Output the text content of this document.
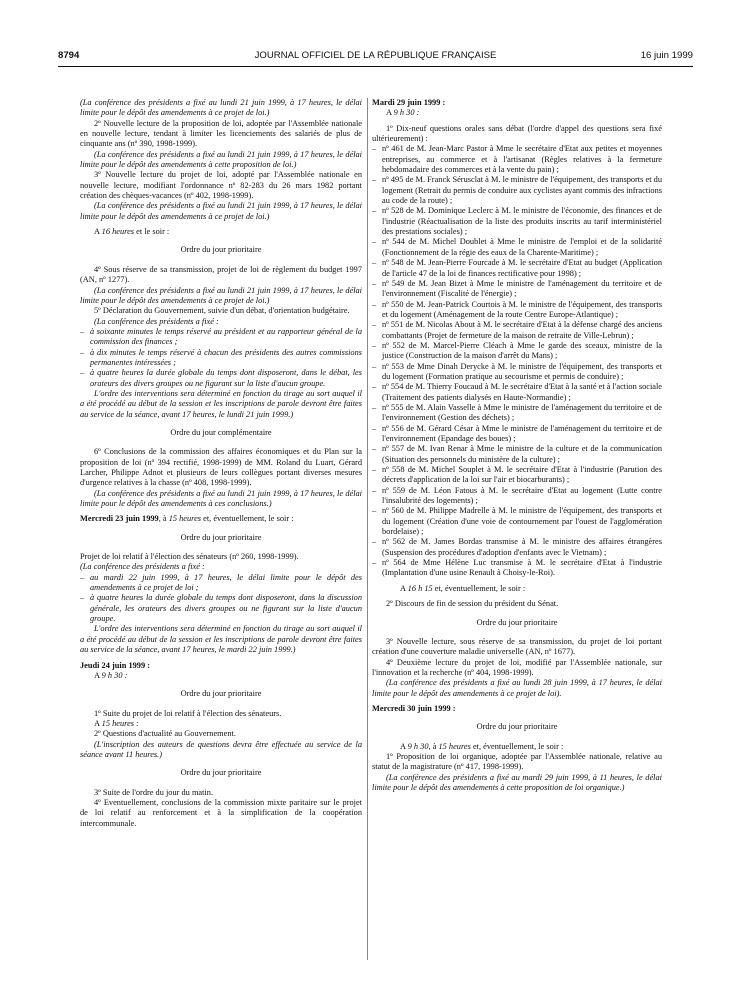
8794	JOURNAL OFFICIEL DE LA RÉPUBLIQUE FRANÇAISE	16 juin 1999

(La conférence des présidents a fixé au lundi 21 juin 1999, à 17 heures, le délai limite pour le dépôt des amendements à ce projet de loi.)

2º Nouvelle lecture de la proposition de loi, adoptée par l'Assemblée nationale en nouvelle lecture, tendant à limiter les licenciements des salariés de plus de cinquante ans (nº 390, 1998-1999).

(La conférence des présidents a fixé au lundi 21 juin 1999, à 17 heures, le délai limite pour le dépôt des amendements à cette proposition de loi.)

3º Nouvelle lecture du projet de loi, adopté par l'Assemblée nationale en nouvelle lecture, modifiant l'ordonnance nº 82-283 du 26 mars 1982 portant création des chèques-vacances (nº 402, 1998-1999).

(La conférence des présidents a fixé au lundi 21 juin 1999, à 17 heures, le délai limite pour le dépôt des amendements à ce projet de loi.)

A 16 heures et le soir :

Ordre du jour prioritaire

4º Sous réserve de sa transmission, projet de loi de règlement du budget 1997 (AN, nº 1277).

(La conférence des présidents a fixé au lundi 21 juin 1999, à 17 heures, le délai limite pour le dépôt des amendements à ce projet de loi.)

5º Déclaration du Gouvernement, suivie d'un débat, d'orientation budgétaire.

(La conférence des présidents a fixé :

– à soixante minutes le temps réservé au président et au rapporteur général de la commission des finances ;
– à dix minutes le temps réservé à chacun des présidents des autres commissions permanentes intéressées ;
– à quatre heures la durée globale du temps dont disposeront, dans le débat, les orateurs des divers groupes ou ne figurant sur la liste d'aucun groupe.

L'ordre des interventions sera déterminé en fonction du tirage au sort auquel il a été procédé au début de la session et les inscriptions de parole devront être faites au service de la séance, avant 17 heures, le lundi 21 juin 1999.)

Ordre du jour complémentaire

6º Conclusions de la commission des affaires économiques et du Plan sur la proposition de loi (nº 394 rectifié, 1998-1999) de MM. Roland du Luart, Gérard Larcher, Philippe Adnot et plusieurs de leurs collègues portant diverses mesures d'urgence relatives à la chasse (nº 408, 1998-1999).

(La conférence des présidents a fixé au lundi 21 juin 1999, à 17 heures, le délai limite pour le dépôt des amendements à ces conclusions.)

Mercredi 23 juin 1999, à 15 heures et, éventuellement, le soir :

Ordre du jour prioritaire

Projet de loi relatif à l'élection des sénateurs (nº 260, 1998-1999).

(La conférence des présidents a fixé :

– au mardi 22 juin 1999, à 17 heures, le délai limite pour le dépôt des amendements à ce projet de loi ;
– à quatre heures la durée globale du temps dont disposeront, dans la discussion générale, les orateurs des divers groupes ou ne figurant sur la liste d'aucun groupe.

L'ordre des interventions sera déterminé en fonction du tirage au sort auquel il a été procédé au début de la session et les inscriptions de parole devront être faites au service de la séance, avant 17 heures, le mardi 22 juin 1999.)

Jeudi 24 juin 1999 :

A 9 h 30 :

Ordre du jour prioritaire

1º Suite du projet de loi relatif à l'élection des sénateurs.

A 15 heures :

2º Questions d'actualité au Gouvernement.

(L'inscription des auteurs de questions devra être effectuée au service de la séance avant 11 heures.)

Ordre du jour prioritaire

3º Suite de l'ordre du jour du matin.

4º Eventuellement, conclusions de la commission mixte paritaire sur le projet de loi relatif au renforcement et à la simplification de la coopération intercommunale.

Mardi 29 juin 1999 :

A 9 h 30 :

1º Dix-neuf questions orales sans débat (l'ordre d'appel des questions sera fixé ultérieurement) :

– nº 461 de M. Jean-Marc Pastor à Mme le secrétaire d'Etat aux petites et moyennes entreprises, au commerce et à l'artisanat (Règles relatives à la fermeture hebdomadaire des commerces et à la vente du pain) ;
– nº 495 de M. Franck Sérusclat à M. le ministre de l'équipement, des transports et du logement (Retrait du permis de conduire aux cyclistes ayant commis des infractions au code de la route) ;
– nº 528 de M. Dominique Leclerc à M. le ministre de l'économie, des finances et de l'industrie (Réactualisation de la liste des produits inscrits au tarif interministériel des prestations sociales) ;
– nº 544 de M. Michel Doublet à Mme le ministre de l'emploi et de la solidarité (Fonctionnement de la régie des eaux de la Charente-Maritime) ;
– nº 548 de M. Jean-Pierre Fourcade à M. le secrétaire d'Etat au budget (Application de l'article 47 de la loi de finances rectificative pour 1998) ;
– nº 549 de M. Jean Bizet à Mme le ministre de l'aménagement du territoire et de l'environnement (Fiscalité de l'énergie) ;
– nº 550 de M. Jean-Patrick Courtois à M. le ministre de l'équipement, des transports et du logement (Aménagement de la route Centre Europe-Atlantique) ;
– nº 551 de M. Nicolas About à M. le secrétaire d'Etat à la défense chargé des anciens combattants (Projet de fermeture de la maison de retraite de Ville-Lebrun) ;
– nº 552 de M. Marcel-Pierre Cléach à Mme le garde des sceaux, ministre de la justice (Construction de la maison d'arrêt du Mans) ;
– nº 553 de Mme Dinah Derycke à M. le ministre de l'équipement, des transports et du logement (Formation pratique au secourisme et permis de conduire) ;
– nº 554 de M. Thierry Foucaud à M. le secrétaire d'Etat à la santé et à l'action sociale (Traitement des patients dialysés en Haute-Normandie) ;
– nº 555 de M. Alain Vasselle à Mme le ministre de l'aménagement du territoire et de l'environnement (Gestion des déchets) ;
– nº 556 de M. Gérard César à Mme le ministre de l'aménagement du territoire et de l'environnement (Epandage des boues) ;
– nº 557 de M. Ivan Renar à Mme le ministre de la culture et de la communication (Situation des personnels du ministère de la culture) ;
– nº 558 de M. Michel Souplet à M. le secrétaire d'Etat à l'industrie (Parution des décrets d'application de la loi sur l'air et biocarburants) ;
– nº 559 de M. Léon Fatous à M. le secrétaire d'Etat au logement (Lutte contre l'insalubrité des logements) ;
– nº 560 de M. Philippe Madrelle à M. le ministre de l'équipement, des transports et du logement (Création d'une voie de contournement par l'ouest de l'agglomération bordelaise) ;
– nº 562 de M. James Bordas transmise à M. le ministre des affaires étrangères (Suspension des procédures d'adoption d'enfants avec le Vietnam) ;
– nº 564 de Mme Hélène Luc transmise à M. le secrétaire d'Etat à l'industrie (Implantation d'une usine Renault à Choisy-le-Roi).

A 16 h 15 et, éventuellement, le soir :

2º Discours de fin de session du président du Sénat.

Ordre du jour prioritaire

3º Nouvelle lecture, sous réserve de sa transmission, du projet de loi portant création d'une couverture maladie universelle (AN, nº 1677).

4º Deuxième lecture du projet de loi, modifié par l'Assemblée nationale, sur l'innovation et la recherche (nº 404, 1998-1999).

(La conférence des présidents a fixé au lundi 28 juin 1999, à 17 heures, le délai limite pour le dépôt des amendements à ce projet de loi).

Mercredi 30 juin 1999 :

Ordre du jour prioritaire

A 9 h 30, à 15 heures et, éventuellement, le soir :

1º Proposition de loi organique, adoptée par l'Assemblée nationale, relative au statut de la magistrature (nº 417, 1998-1999).

(La conférence des présidents a fixé au mardi 29 juin 1999, à 11 heures, le délai limite pour le dépôt des amendements à cette proposition de loi organique.)
